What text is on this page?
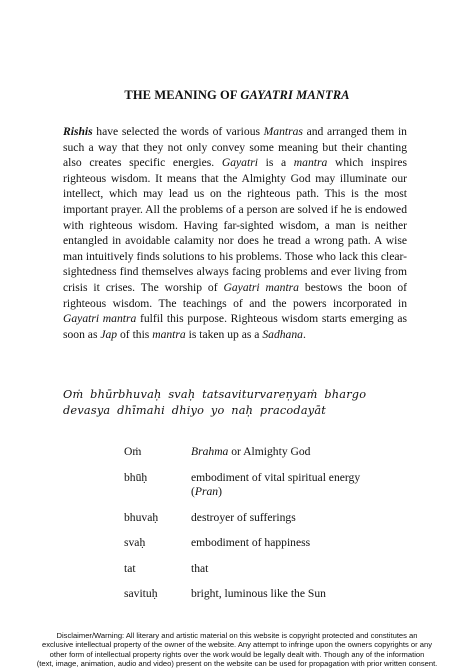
THE MEANING OF GAYATRI MANTRA

Rishis have selected the words of various Mantras and arranged them in such a way that they not only convey some meaning but their chanting also creates specific energies. Gayatri is a mantra which inspires righteous wisdom. It means that the Almighty God may illuminate our intellect, which may lead us on the righteous path. This is the most important prayer. All the problems of a person are solved if he is endowed with righteous wisdom. Having far-sighted wisdom, a man is neither entangled in avoidable calamity nor does he tread a wrong path. A wise man intuitively finds solutions to his problems. Those who lack this clear-sightedness find themselves always facing problems and ever living from crisis it crises. The worship of Gayatri mantra bestows the boon of righteous wisdom. The teachings of and the powers incorporated in Gayatri mantra fulfil this purpose. Righteous wisdom starts emerging as soon as Jap of this mantra is taken up as a Sadhana.

Oṁ bhūrbhuvaḥ svaḥ tatsaviturvareṇyaṁ bhargo
devasya dhīmahi dhiyo yo naḥ pracodayāt
Oṁ	Brahma or Almighty God
bhūḥ	embodiment of vital spiritual energy
(Pran)
bhuvaḥ	destroyer of sufferings
svaḥ	embodiment of happiness
tat	that
savituḥ	bright, luminous like the Sun
Disclaimer/Warning: All literary and artistic material on this website is copyright protected and constitutes an
exclusive intellectual property of the owner of the website. Any attempt to infringe upon the owners copyrights or any
other form of intellectual property rights over the work would be legally dealt with. Though any of the information
(text, image, animation, audio and video) present on the website can be used for propagation with prior written consent.
